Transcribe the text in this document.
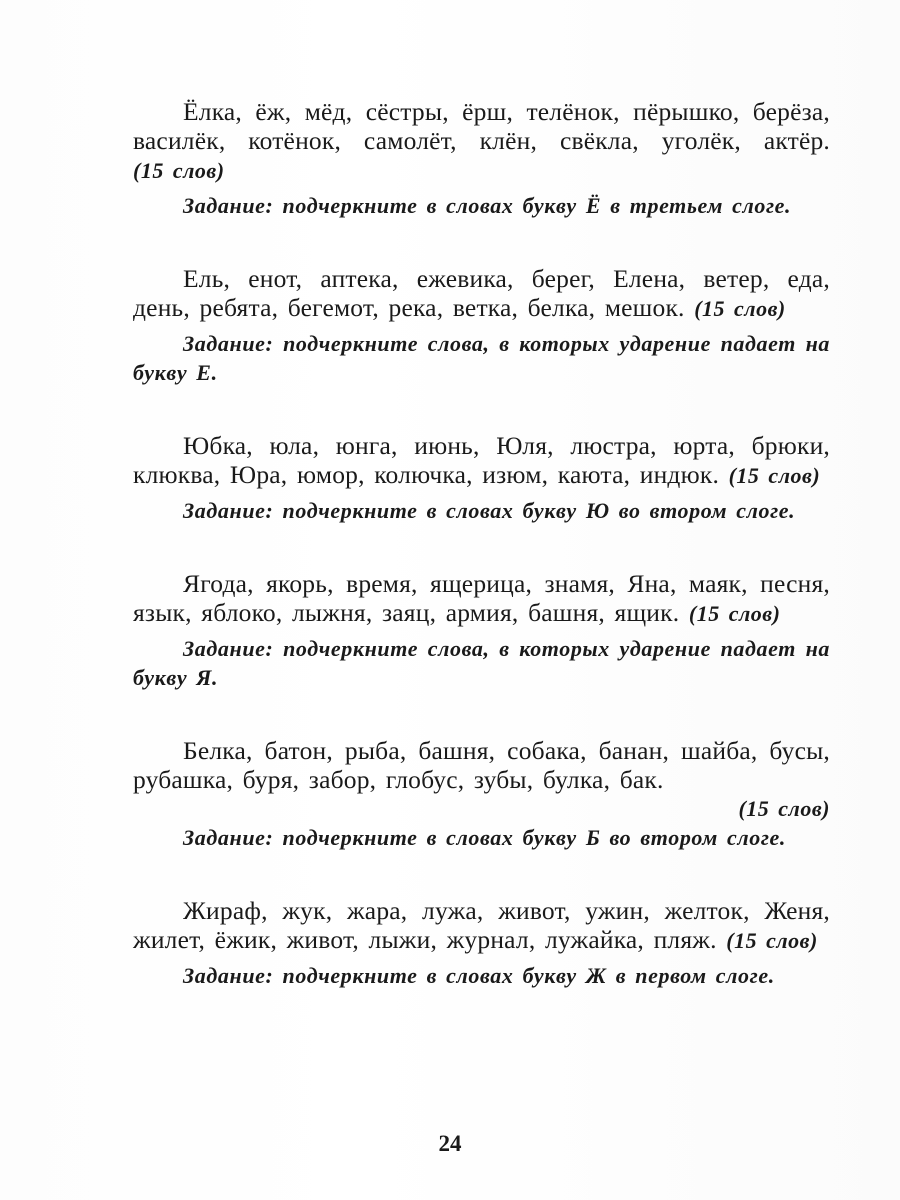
Ёлка, ёж, мёд, сёстры, ёрш, телёнок, пёрышко, берёза, василёк, котёнок, самолёт, клён, свёкла, уголёк, актёр. (15 слов)

Задание: подчеркните в словах букву Ё в третьем слоге.

Ель, енот, аптека, ежевика, берег, Елена, ветер, еда, день, ребята, бегемот, река, ветка, белка, мешок. (15 слов)

Задание: подчеркните слова, в которых ударение падает на букву Е.

Юбка, юла, юнга, июнь, Юля, люстра, юрта, брюки, клюква, Юра, юмор, колючка, изюм, каюта, индюк. (15 слов)

Задание: подчеркните в словах букву Ю во втором слоге.

Ягода, якорь, время, ящерица, знамя, Яна, маяк, песня, язык, яблоко, лыжня, заяц, армия, башня, ящик. (15 слов)

Задание: подчеркните слова, в которых ударение падает на букву Я.

Белка, батон, рыба, башня, собака, банан, шайба, бусы, рубашка, буря, забор, глобус, зубы, булка, бак.
(15 слов)

Задание: подчеркните в словах букву Б во втором слоге.

Жираф, жук, жара, лужа, живот, ужин, желток, Женя, жилет, ёжик, живот, лыжи, журнал, лужайка, пляж. (15 слов)

Задание: подчеркните в словах букву Ж в первом слоге.

24
